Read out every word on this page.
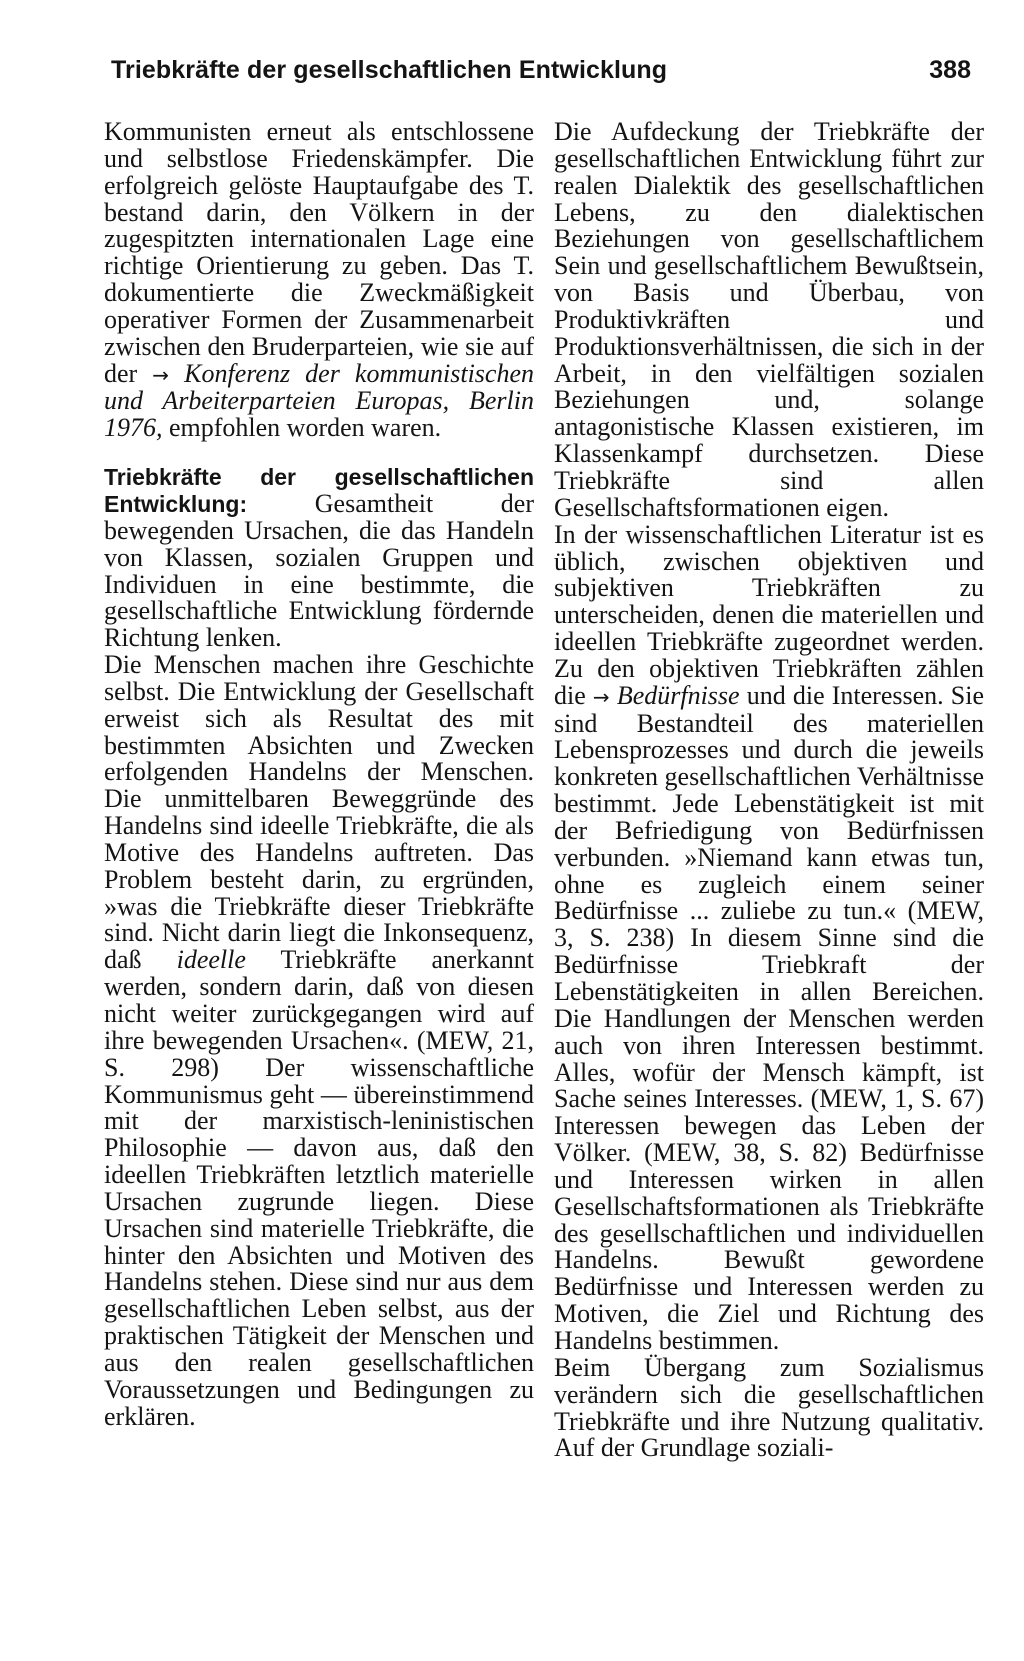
Triebkräfte der gesellschaftlichen Entwicklung	388

Kommunisten erneut als entschlossene und selbstlose Friedenskämpfer. Die erfolgreich gelöste Hauptaufgabe des T. bestand darin, den Völkern in der zugespitzten internationalen Lage eine richtige Orientierung zu geben. Das T. dokumentierte die Zweckmäßigkeit operativer Formen der Zusammenarbeit zwischen den Bruderparteien, wie sie auf der → Konferenz der kommunistischen und Arbeiterparteien Europas, Berlin 1976, empfohlen worden waren.

Triebkräfte der gesellschaftlichen Entwicklung:	Gesamtheit der bewegenden Ursachen, die das Handeln von Klassen, sozialen Gruppen und Individuen in eine bestimmte, die gesellschaftliche Entwicklung fördernde Richtung lenken.

Die Menschen machen ihre Geschichte selbst. Die Entwicklung der Gesellschaft erweist sich als Resultat des mit bestimmten Absichten und Zwecken erfolgenden Handelns der Menschen. Die unmittelbaren Beweggründe des Handelns sind ideelle Triebkräfte, die als Motive des Handelns auftreten. Das Problem besteht darin, zu ergründen, »was die Triebkräfte dieser Triebkräfte sind. Nicht darin liegt die Inkonsequenz, daß ideelle Triebkräfte anerkannt werden, sondern darin, daß von diesen nicht weiter zurückgegangen wird auf ihre bewegenden Ursachen«. (MEW, 21, S. 298) Der wissenschaftliche Kommunismus geht — übereinstimmend mit der marxistisch-leninistischen Philosophie — davon aus, daß den ideellen Triebkräften letztlich materielle Ursachen zugrunde liegen. Diese Ursachen sind materielle Triebkräfte, die hinter den Absichten und Motiven des Handelns stehen. Diese sind nur aus dem gesellschaftlichen Leben selbst, aus der praktischen Tätigkeit der Menschen und aus den realen gesellschaftlichen Voraussetzungen und Bedingungen zu erklären.

Die Aufdeckung der Triebkräfte der gesellschaftlichen Entwicklung führt zur realen Dialektik des gesellschaftlichen Lebens, zu den dialektischen Beziehungen von gesellschaftlichem Sein und gesellschaftlichem Bewußtsein, von Basis und Überbau, von Produktivkräften und Produktionsverhältnissen, die sich in der Arbeit, in den vielfältigen sozialen Beziehungen und, solange antagonistische Klassen existieren, im Klassenkampf durchsetzen. Diese Triebkräfte sind allen Gesellschaftsformationen eigen.

In der wissenschaftlichen Literatur ist es üblich, zwischen objektiven und subjektiven Triebkräften zu unterscheiden, denen die materiellen und ideellen Triebkräfte zugeordnet werden. Zu den objektiven Triebkräften zählen die → Bedürfnisse und die Interessen. Sie sind Bestandteil des materiellen Lebensprozesses und durch die jeweils konkreten gesellschaftlichen Verhältnisse bestimmt. Jede Lebenstätigkeit ist mit der Befriedigung von Bedürfnissen verbunden. »Niemand kann etwas tun, ohne es zugleich einem seiner Bedürfnisse ... zuliebe zu tun.« (MEW, 3, S. 238) In diesem Sinne sind die Bedürfnisse Triebkraft der Lebenstätigkeiten in allen Bereichen. Die Handlungen der Menschen werden auch von ihren Interessen bestimmt. Alles, wofür der Mensch kämpft, ist Sache seines Interesses. (MEW, 1, S. 67) Interessen bewegen das Leben der Völker. (MEW, 38, S. 82) Bedürfnisse und Interessen wirken in allen Gesellschaftsformationen als Triebkräfte des gesellschaftlichen und individuellen Handelns. Bewußt gewordene Bedürfnisse und Interessen werden zu Motiven, die Ziel und Richtung des Handelns bestimmen.

Beim Übergang zum Sozialismus verändern sich die gesellschaftlichen Triebkräfte und ihre Nutzung qualitativ. Auf der Grundlage soziali-
